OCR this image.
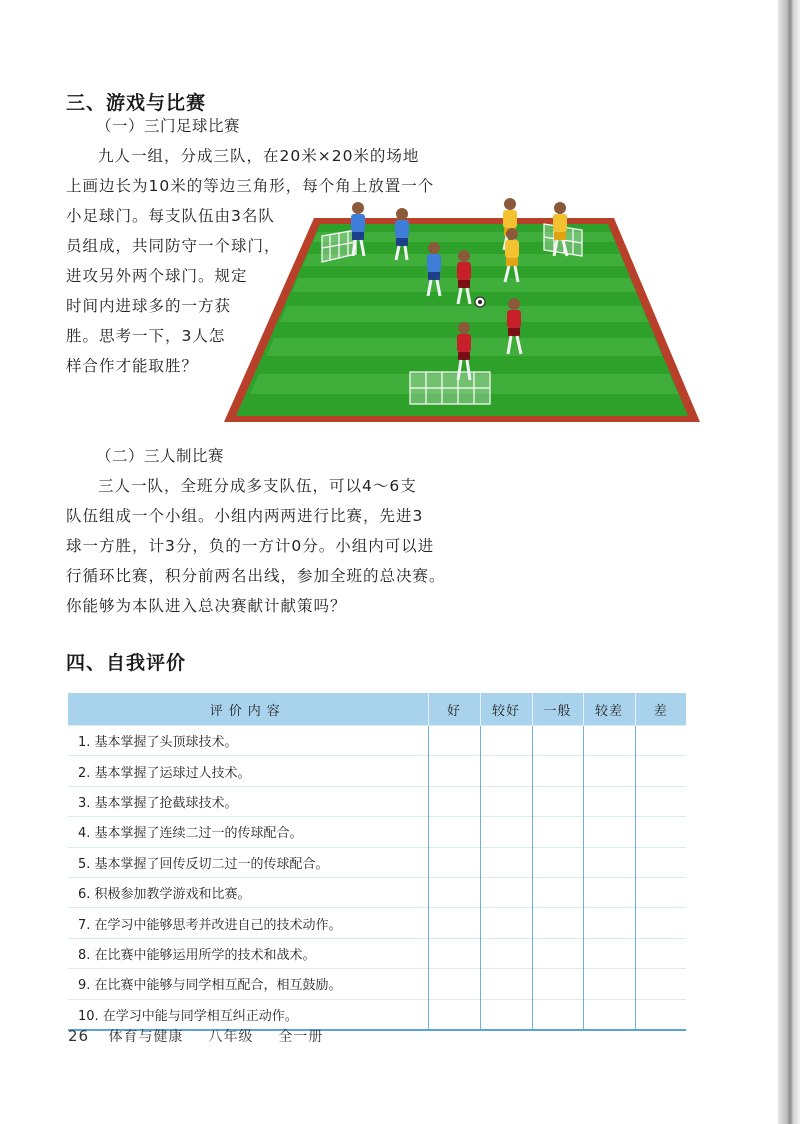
三、游戏与比赛
（一）三门足球比赛

九人一组，分成三队，在20米×20米的场地

上画边长为10米的等边三角形，每个角上放置一个

小足球门。每支队伍由3名队

员组成，共同防守一个球门，

进攻另外两个球门。规定

时间内进球多的一方获

胜。思考一下，3人怎

样合作才能取胜？

（二）三人制比赛

三人一队，全班分成多支队伍，可以4～6支

队伍组成一个小组。小组内两两进行比赛，先进3

球一方胜，计3分，负的一方计0分。小组内可以进

行循环比赛，积分前两名出线，参加全班的总决赛。

你能够为本队进入总决赛献计献策吗？

四、自我评价
评价内容	好	较好	一般	较差	差
1. 基本掌握了头顶球技术。					
2. 基本掌握了运球过人技术。					
3. 基本掌握了抢截球技术。					
4. 基本掌握了连续二过一的传球配合。					
5. 基本掌握了回传反切二过一的传球配合。					
6. 积极参加教学游戏和比赛。					
7. 在学习中能够思考并改进自己的技术动作。					
8. 在比赛中能够运用所学的技术和战术。					
9. 在比赛中能够与同学相互配合，相互鼓励。					
10. 在学习中能与同学相互纠正动作。					
26 体育与健康 八年级 全一册
